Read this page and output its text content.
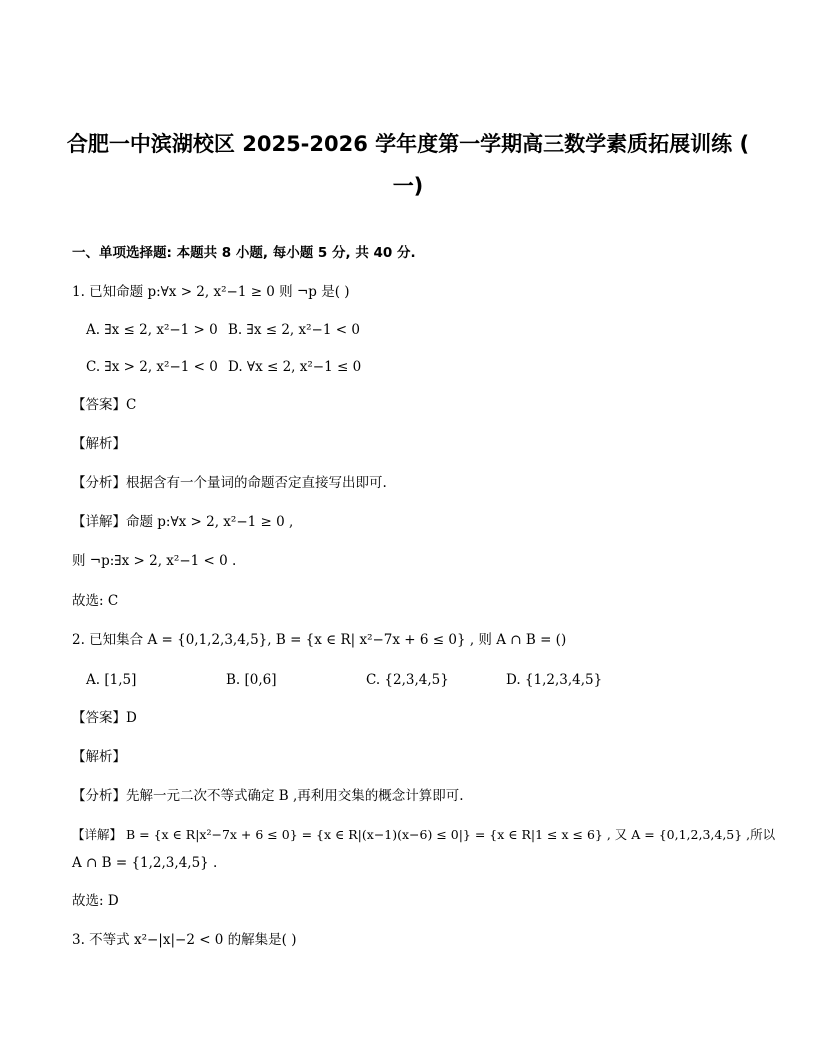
合肥一中滨湖校区 2025-2026 学年度第一学期高三数学素质拓展训练 (
一)
一、单项选择题: 本题共 8 小题, 每小题 5 分, 共 40 分.
1. 已知命题 p:∀x > 2, x²−1 ≥ 0 则 ¬p 是( )
A. ∃x ≤ 2, x²−1 > 0 B. ∃x ≤ 2, x²−1 < 0
C. ∃x > 2, x²−1 < 0 D. ∀x ≤ 2, x²−1 ≤ 0
【答案】C
【解析】
【分析】根据含有一个量词的命题否定直接写出即可.
【详解】命题 p:∀x > 2, x²−1 ≥ 0 ,
则 ¬p:∃x > 2, x²−1 < 0 .
故选: C
2. 已知集合 A = {0,1,2,3,4,5}, B = {x ∈ R| x²−7x + 6 ≤ 0} , 则 A ∩ B = ()
A. [1,5]	B. [0,6]	C. {2,3,4,5}	D. {1,2,3,4,5}
【答案】D
【解析】
【分析】先解一元二次不等式确定 B ,再利用交集的概念计算即可.
【详解】 B = {x ∈ R|x²−7x + 6 ≤ 0} = {x ∈ R|(x−1)(x−6) ≤ 0|} = {x ∈ R|1 ≤ x ≤ 6} , 又 A = {0,1,2,3,4,5} ,所以
A ∩ B = {1,2,3,4,5} .
故选: D
3. 不等式 x²−|x|−2 < 0 的解集是( )
